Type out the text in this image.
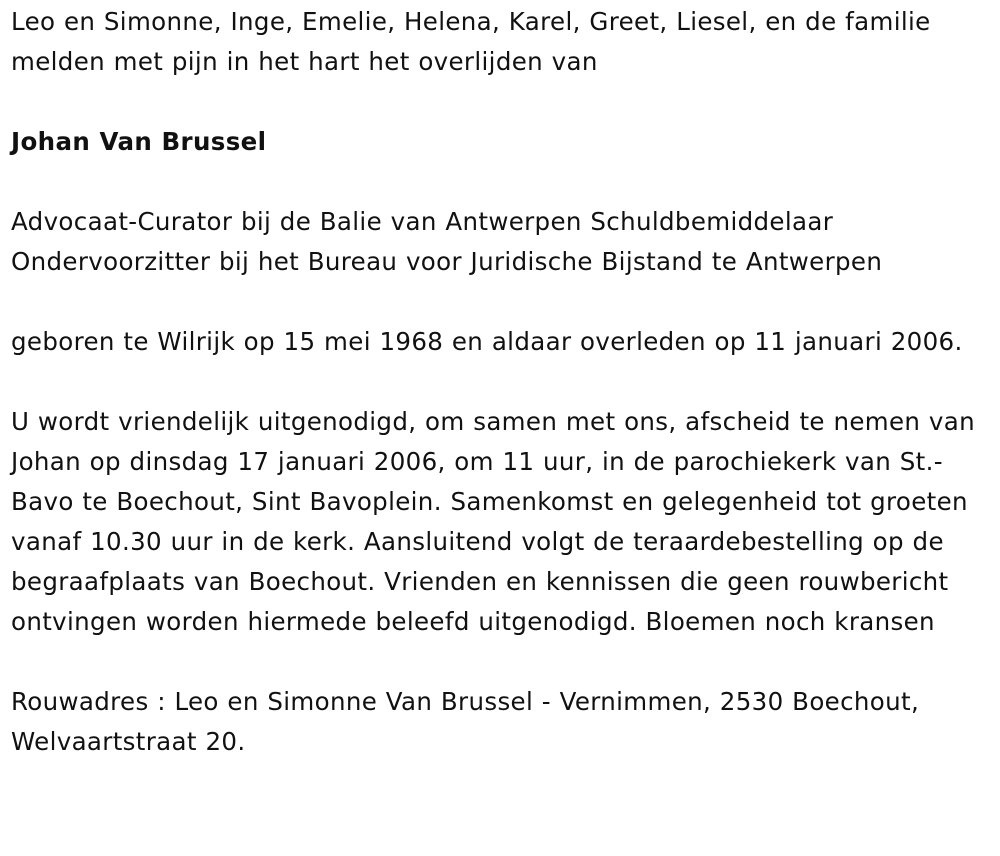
Leo en Simonne, Inge, Emelie, Helena, Karel, Greet, Liesel, en de familie melden met pijn in het hart het overlijden van

Johan Van Brussel

Advocaat-Curator bij de Balie van Antwerpen Schuldbemiddelaar Ondervoorzitter bij het Bureau voor Juridische Bijstand te Antwerpen

geboren te Wilrijk op 15 mei 1968 en aldaar overleden op 11 januari 2006.

U wordt vriendelijk uitgenodigd, om samen met ons, afscheid te nemen van Johan op dinsdag 17 januari 2006, om 11 uur, in de parochiekerk van St.-Bavo te Boechout, Sint Bavoplein. Samenkomst en gelegenheid tot groeten vanaf 10.30 uur in de kerk. Aansluitend volgt de teraardebestelling op de begraafplaats van Boechout. Vrienden en kennissen die geen rouwbericht ontvingen worden hiermede beleefd uitgenodigd. Bloemen noch kransen

Rouwadres : Leo en Simonne Van Brussel - Vernimmen, 2530 Boechout, Welvaartstraat 20.
